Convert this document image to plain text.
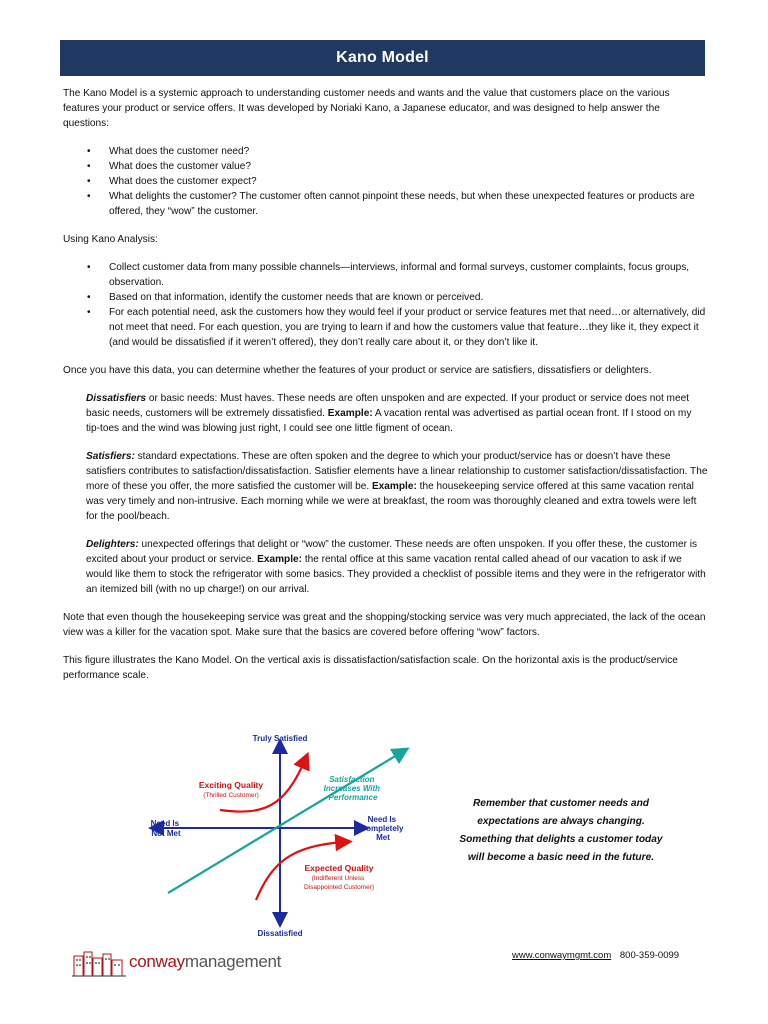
Kano Model

The Kano Model is a systemic approach to understanding customer needs and wants and the value that customers place on the various features your product or service offers. It was developed by Noriaki Kano, a Japanese educator, and was designed to help answer the questions:

• What does the customer need?
• What does the customer value?
• What does the customer expect?
• What delights the customer? The customer often cannot pinpoint these needs, but when these unexpected features or products are offered, they “wow” the customer.

Using Kano Analysis:

• Collect customer data from many possible channels—interviews, informal and formal surveys, customer complaints, focus groups, observation.
• Based on that information, identify the customer needs that are known or perceived.
• For each potential need, ask the customers how they would feel if your product or service features met that need…or alternatively, did not meet that need. For each question, you are trying to learn if and how the customers value that feature…they like it, they expect it (and would be dissatisfied if it weren’t offered), they don’t really care about it, or they don’t like it.

Once you have this data, you can determine whether the features of your product or service are satisfiers, dissatisfiers or delighters.

Dissatisfiers or basic needs: Must haves. These needs are often unspoken and are expected. If your product or service does not meet basic needs, customers will be extremely dissatisfied. Example: A vacation rental was advertised as partial ocean front. If I stood on my tip-toes and the wind was blowing just right, I could see one little figment of ocean.

Satisfiers: standard expectations. These are often spoken and the degree to which your product/service has or doesn’t have these satisfiers contributes to satisfaction/dissatisfaction. Satisfier elements have a linear relationship to customer satisfaction/dissatisfaction. The more of these you offer, the more satisfied the customer will be. Example: the housekeeping service offered at this same vacation rental was very timely and non-intrusive. Each morning while we were at breakfast, the room was thoroughly cleaned and extra towels were left for the pool/beach.

Delighters: unexpected offerings that delight or “wow” the customer. These needs are often unspoken. If you offer these, the customer is excited about your product or service. Example: the rental office at this same vacation rental called ahead of our vacation to ask if we would like them to stock the refrigerator with some basics. They provided a checklist of possible items and they were in the refrigerator with an itemized bill (with no up charge!) on our arrival.

Note that even though the housekeeping service was great and the shopping/stocking service was very much appreciated, the lack of the ocean view was a killer for the vacation spot. Make sure that the basics are covered before offering “wow” factors.

This figure illustrates the Kano Model. On the vertical axis is dissatisfaction/satisfaction scale. On the horizontal axis is the product/service performance scale.

Truly Satisfied
Dissatisfied
Need Is Not Met
Need Is Completely Met
Exciting Quality
(Thrilled Customer)
Expected Quality
(Indifferent Unless Disappointed Customer)
Satisfaction Increases With Performance
Remember that customer needs and expectations are always changing. Something that delights a customer today will become a basic need in the future.
conwaymanagement	www.conwaymgmt.com 800-359-0099
